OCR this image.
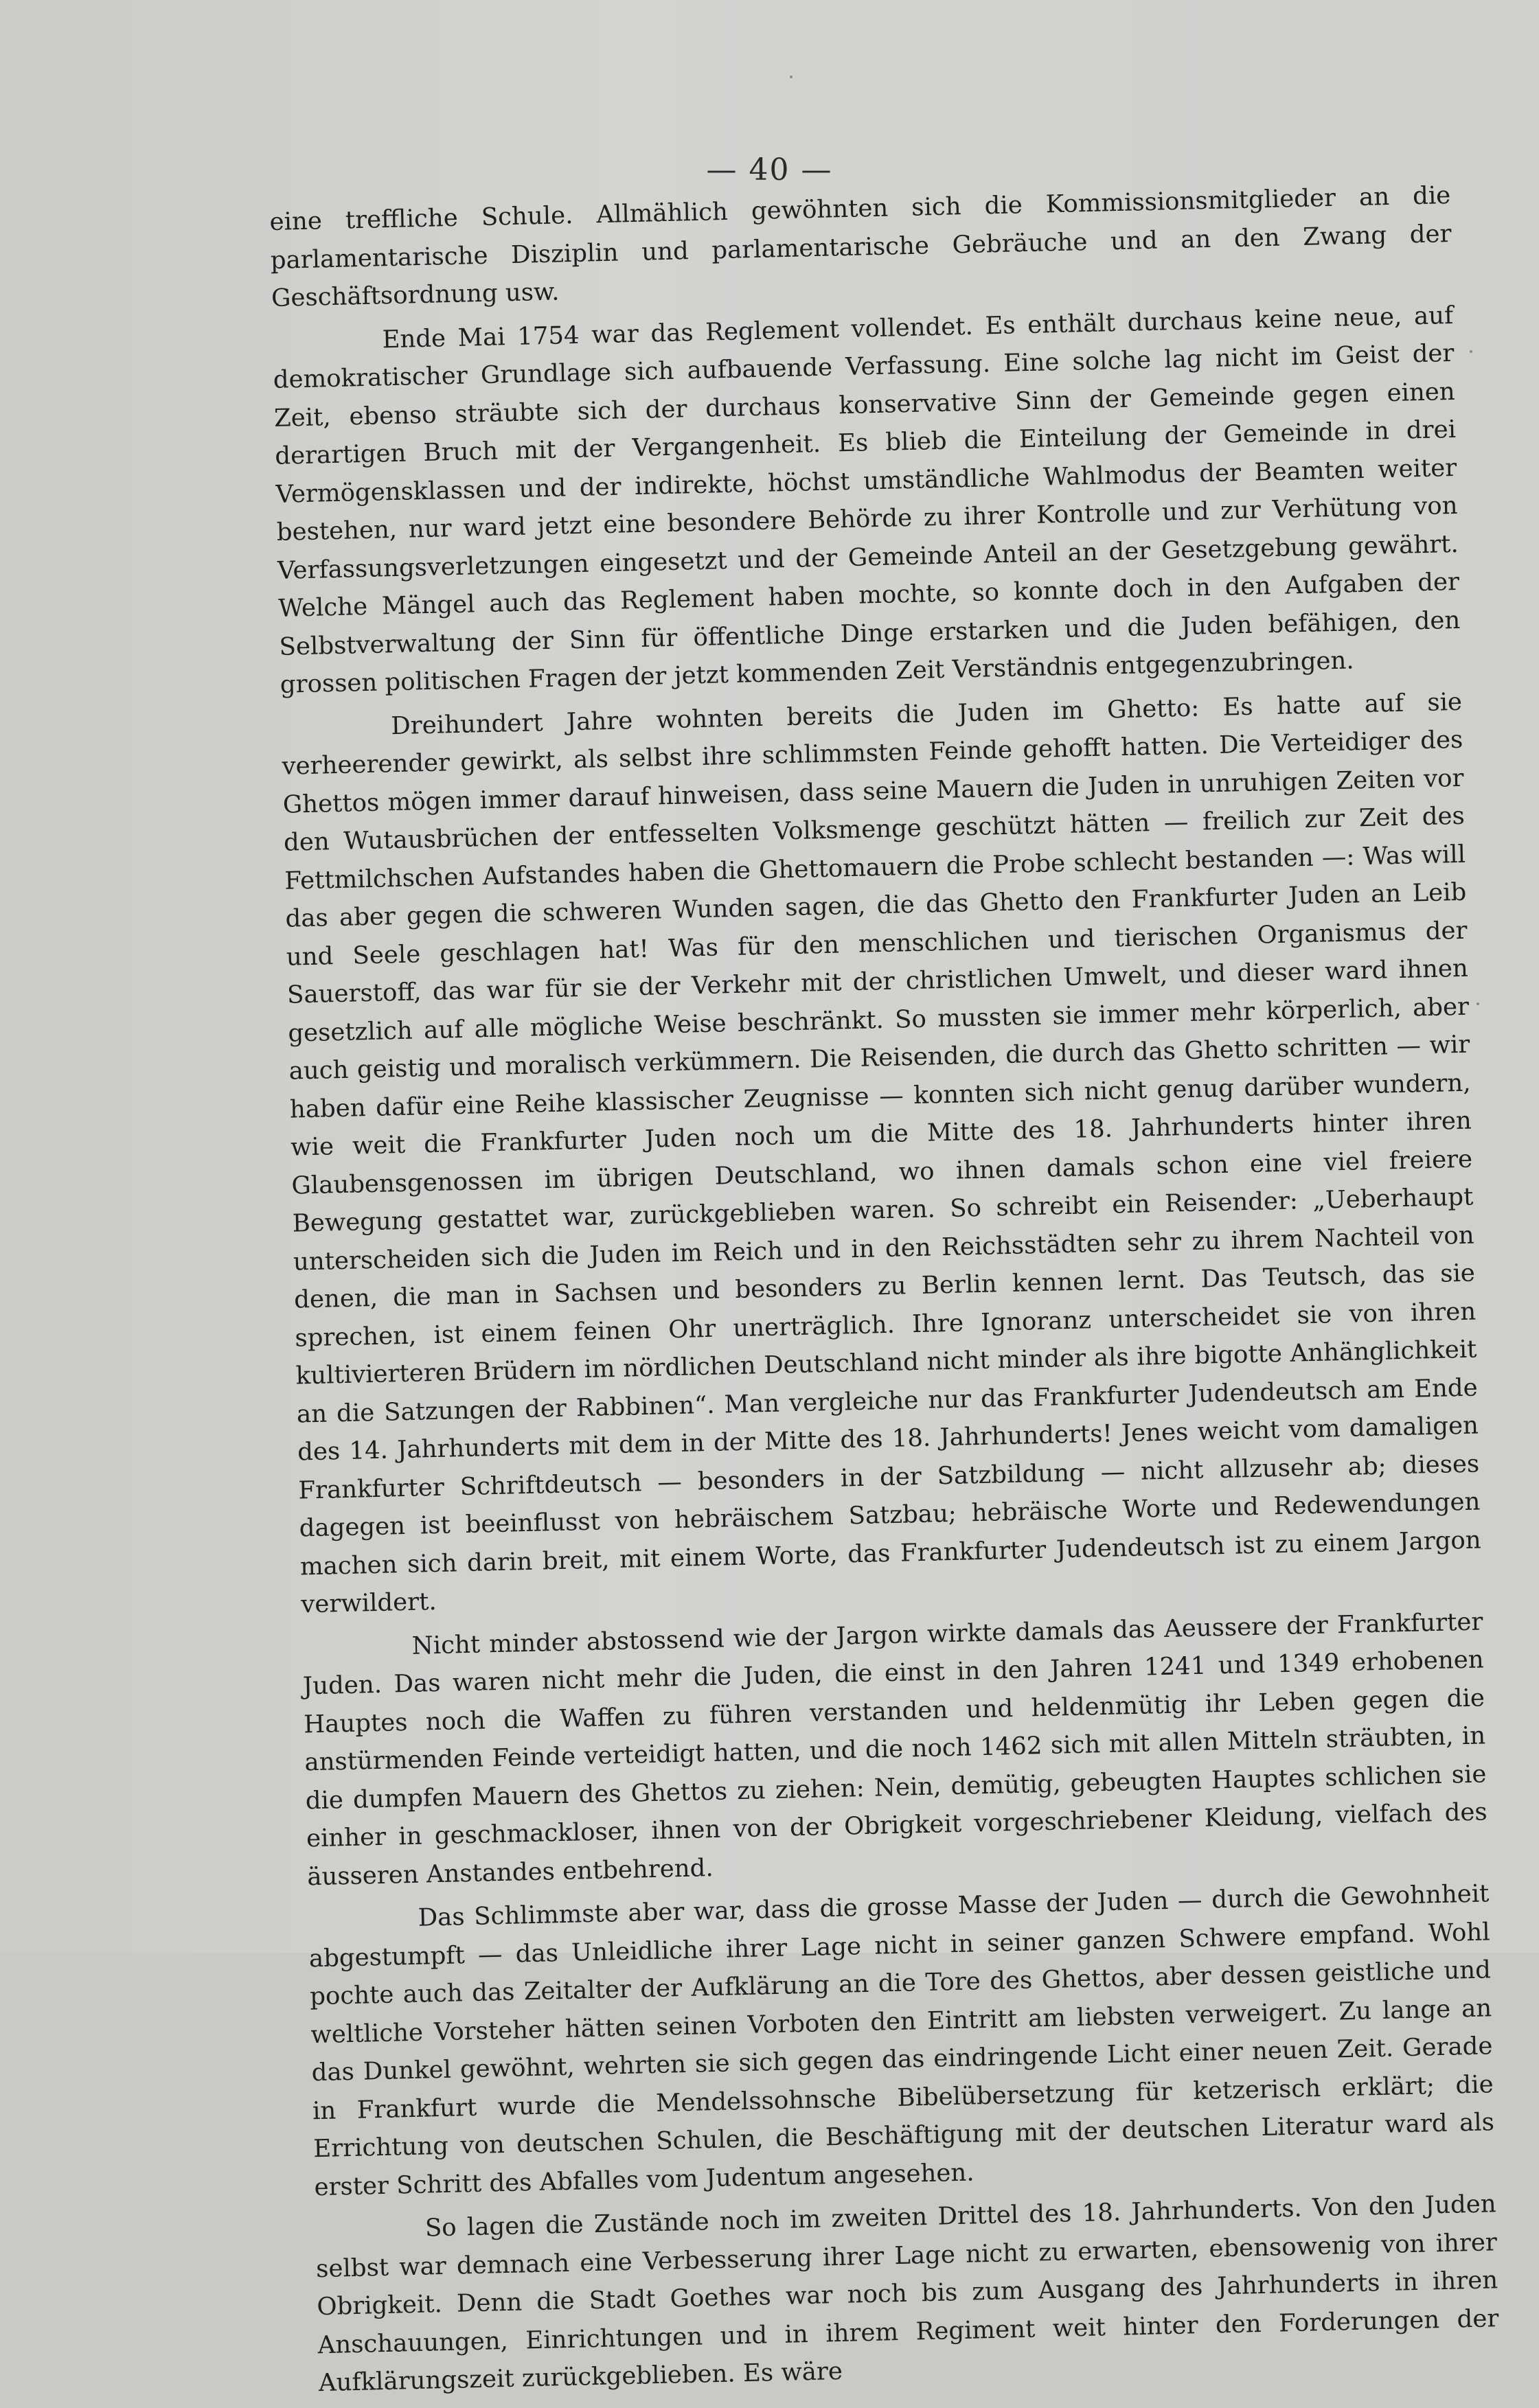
— 40 —

eine treffliche Schule. Allmählich gewöhnten sich die Kommissionsmitglieder an die parlamentarische Disziplin und parlamentarische Gebräuche und an den Zwang der Geschäftsordnung usw.

Ende Mai 1754 war das Reglement vollendet. Es enthält durchaus keine neue, auf demokratischer Grundlage sich aufbauende Verfassung. Eine solche lag nicht im Geist der Zeit, ebenso sträubte sich der durchaus konservative Sinn der Gemeinde gegen einen derartigen Bruch mit der Vergangenheit. Es blieb die Einteilung der Gemeinde in drei Vermögensklassen und der indirekte, höchst umständliche Wahlmodus der Beamten weiter bestehen, nur ward jetzt eine besondere Behörde zu ihrer Kontrolle und zur Verhütung von Verfassungsverletzungen eingesetzt und der Gemeinde Anteil an der Gesetzgebung gewährt. Welche Mängel auch das Reglement haben mochte, so konnte doch in den Aufgaben der Selbstverwaltung der Sinn für öffentliche Dinge erstarken und die Juden befähigen, den grossen politischen Fragen der jetzt kommenden Zeit Verständnis entgegenzubringen.

Dreihundert Jahre wohnten bereits die Juden im Ghetto: Es hatte auf sie verheerender gewirkt, als selbst ihre schlimmsten Feinde gehofft hatten. Die Verteidiger des Ghettos mögen immer darauf hinweisen, dass seine Mauern die Juden in unruhigen Zeiten vor den Wutausbrüchen der entfesselten Volksmenge geschützt hätten — freilich zur Zeit des Fettmilchschen Aufstandes haben die Ghettomauern die Probe schlecht bestanden —: Was will das aber gegen die schweren Wunden sagen, die das Ghetto den Frankfurter Juden an Leib und Seele geschlagen hat! Was für den menschlichen und tierischen Organismus der Sauerstoff, das war für sie der Verkehr mit der christlichen Umwelt, und dieser ward ihnen gesetzlich auf alle mögliche Weise beschränkt. So mussten sie immer mehr körperlich, aber auch geistig und moralisch verkümmern. Die Reisenden, die durch das Ghetto schritten — wir haben dafür eine Reihe klassischer Zeugnisse — konnten sich nicht genug darüber wundern, wie weit die Frankfurter Juden noch um die Mitte des 18. Jahrhunderts hinter ihren Glaubensgenossen im übrigen Deutschland, wo ihnen damals schon eine viel freiere Bewegung gestattet war, zurückgeblieben waren. So schreibt ein Reisender: „Ueberhaupt unterscheiden sich die Juden im Reich und in den Reichsstädten sehr zu ihrem Nachteil von denen, die man in Sachsen und besonders zu Berlin kennen lernt. Das Teutsch, das sie sprechen, ist einem feinen Ohr unerträglich. Ihre Ignoranz unterscheidet sie von ihren kultivierteren Brüdern im nördlichen Deutschland nicht minder als ihre bigotte Anhänglichkeit an die Satzungen der Rabbinen“. Man vergleiche nur das Frankfurter Judendeutsch am Ende des 14. Jahrhunderts mit dem in der Mitte des 18. Jahrhunderts! Jenes weicht vom damaligen Frankfurter Schriftdeutsch — besonders in der Satzbildung — nicht allzusehr ab; dieses dagegen ist beeinflusst von hebräischem Satzbau; hebräische Worte und Redewendungen machen sich darin breit, mit einem Worte, das Frankfurter Judendeutsch ist zu einem Jargon verwildert.

Nicht minder abstossend wie der Jargon wirkte damals das Aeussere der Frankfurter Juden. Das waren nicht mehr die Juden, die einst in den Jahren 1241 und 1349 erhobenen Hauptes noch die Waffen zu führen verstanden und heldenmütig ihr Leben gegen die anstürmenden Feinde verteidigt hatten, und die noch 1462 sich mit allen Mitteln sträubten, in die dumpfen Mauern des Ghettos zu ziehen: Nein, demütig, gebeugten Hauptes schlichen sie einher in geschmackloser, ihnen von der Obrigkeit vorgeschriebener Kleidung, vielfach des äusseren Anstandes entbehrend.

Das Schlimmste aber war, dass die grosse Masse der Juden — durch die Gewohnheit abgestumpft — das Unleidliche ihrer Lage nicht in seiner ganzen Schwere empfand. Wohl pochte auch das Zeitalter der Aufklärung an die Tore des Ghettos, aber dessen geistliche und weltliche Vorsteher hätten seinen Vorboten den Eintritt am liebsten verweigert. Zu lange an das Dunkel gewöhnt, wehrten sie sich gegen das eindringende Licht einer neuen Zeit. Gerade in Frankfurt wurde die Mendelssohnsche Bibelübersetzung für ketzerisch erklärt; die Errichtung von deutschen Schulen, die Beschäftigung mit der deutschen Literatur ward als erster Schritt des Abfalles vom Judentum angesehen.

So lagen die Zustände noch im zweiten Drittel des 18. Jahrhunderts. Von den Juden selbst war demnach eine Verbesserung ihrer Lage nicht zu erwarten, ebensowenig von ihrer Obrigkeit. Denn die Stadt Goethes war noch bis zum Ausgang des Jahrhunderts in ihren Anschauungen, Einrichtungen und in ihrem Regiment weit hinter den Forderungen der Aufklärungszeit zurückgeblieben. Es wäre
